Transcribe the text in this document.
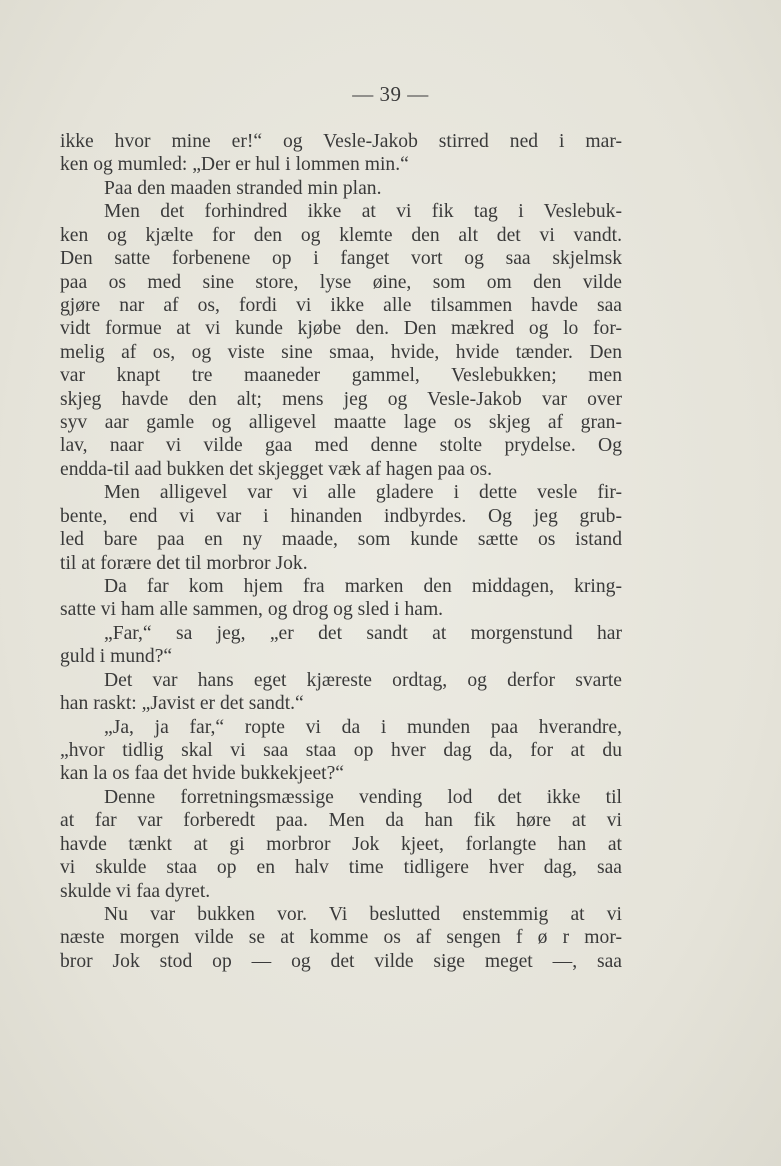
— 39 —
ikke hvor mine er!“ og Vesle-Jakob stirred ned i mar-
ken og mumled: „Der er hul i lommen min.“
Paa den maaden stranded min plan.
Men det forhindred ikke at vi fik tag i Veslebuk-
ken og kjælte for den og klemte den alt det vi vandt.
Den satte forbenene op i fanget vort og saa skjelmsk
paa os med sine store, lyse øine, som om den vilde
gjøre nar af os, fordi vi ikke alle tilsammen havde saa
vidt formue at vi kunde kjøbe den. Den mækred og lo for-
melig af os, og viste sine smaa, hvide, hvide tænder. Den
var knapt tre maaneder gammel, Veslebukken; men
skjeg havde den alt; mens jeg og Vesle-Jakob var over
syv aar gamle og alligevel maatte lage os skjeg af gran-
lav, naar vi vilde gaa med denne stolte prydelse. Og
endda-til aad bukken det skjegget væk af hagen paa os.
Men alligevel var vi alle gladere i dette vesle fir-
bente, end vi var i hinanden indbyrdes. Og jeg grub-
led bare paa en ny maade, som kunde sætte os istand
til at forære det til morbror Jok.
Da far kom hjem fra marken den middagen, kring-
satte vi ham alle sammen, og drog og sled i ham.
„Far,“ sa jeg, „er det sandt at morgenstund har
guld i mund?“
Det var hans eget kjæreste ordtag, og derfor svarte
han raskt: „Javist er det sandt.“
„Ja, ja far,“ ropte vi da i munden paa hverandre,
„hvor tidlig skal vi saa staa op hver dag da, for at du
kan la os faa det hvide bukkekjeet?“
Denne forretningsmæssige vending lod det ikke til
at far var forberedt paa. Men da han fik høre at vi
havde tænkt at gi morbror Jok kjeet, forlangte han at
vi skulde staa op en halv time tidligere hver dag, saa
skulde vi faa dyret.
Nu var bukken vor. Vi beslutted enstemmig at vi
næste morgen vilde se at komme os af sengen f ø r mor-
bror Jok stod op — og det vilde sige meget —, saa
